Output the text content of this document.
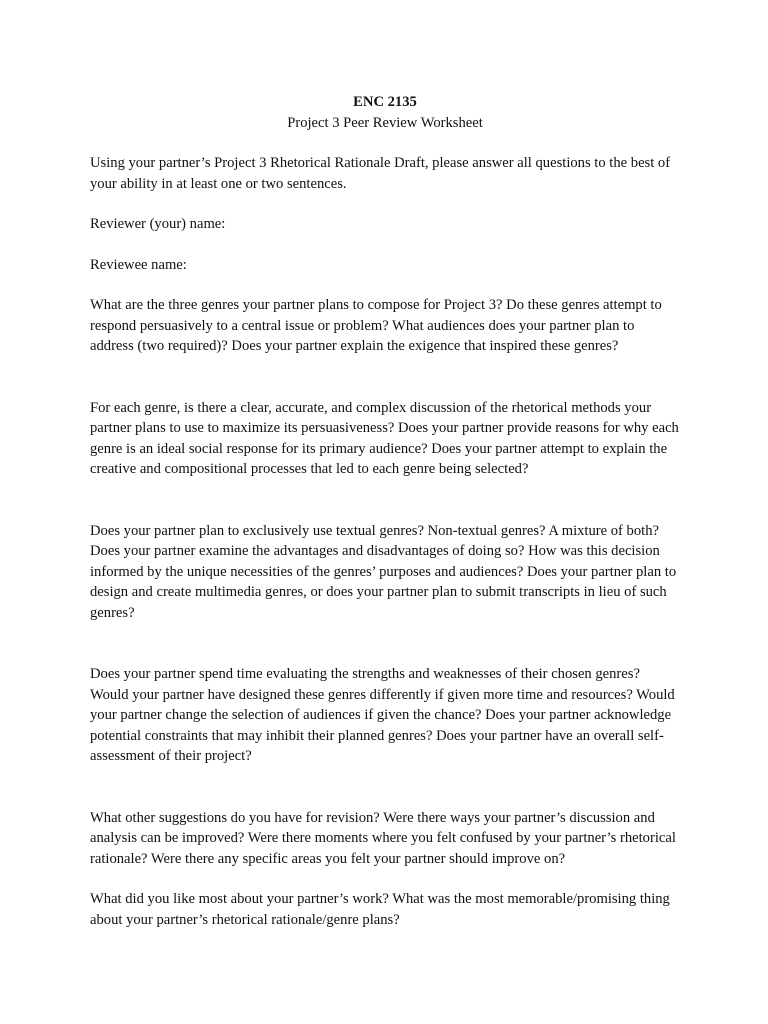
ENC 2135

Project 3 Peer Review Worksheet

Using your partner’s Project 3 Rhetorical Rationale Draft, please answer all questions to the best of your ability in at least one or two sentences.

Reviewer (your) name:

Reviewee name:

What are the three genres your partner plans to compose for Project 3? Do these genres attempt to respond persuasively to a central issue or problem? What audiences does your partner plan to address (two required)? Does your partner explain the exigence that inspired these genres?

For each genre, is there a clear, accurate, and complex discussion of the rhetorical methods your partner plans to use to maximize its persuasiveness? Does your partner provide reasons for why each genre is an ideal social response for its primary audience? Does your partner attempt to explain the creative and compositional processes that led to each genre being selected?

Does your partner plan to exclusively use textual genres? Non-textual genres? A mixture of both? Does your partner examine the advantages and disadvantages of doing so? How was this decision informed by the unique necessities of the genres’ purposes and audiences? Does your partner plan to design and create multimedia genres, or does your partner plan to submit transcripts in lieu of such genres?

Does your partner spend time evaluating the strengths and weaknesses of their chosen genres? Would your partner have designed these genres differently if given more time and resources? Would your partner change the selection of audiences if given the chance? Does your partner acknowledge potential constraints that may inhibit their planned genres? Does your partner have an overall self-assessment of their project?

What other suggestions do you have for revision? Were there ways your partner’s discussion and analysis can be improved? Were there moments where you felt confused by your partner’s rhetorical rationale? Were there any specific areas you felt your partner should improve on?

What did you like most about your partner’s work? What was the most memorable/promising thing about your partner’s rhetorical rationale/genre plans?
